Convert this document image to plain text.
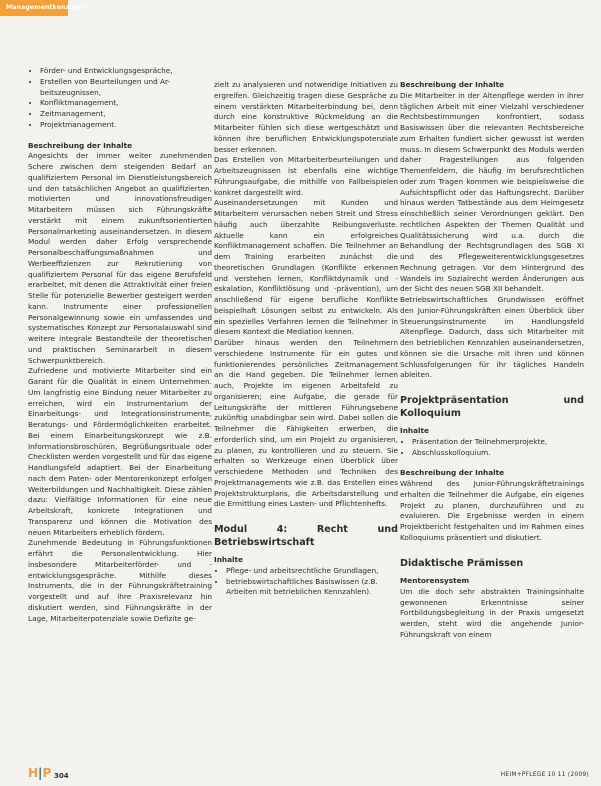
Managementkonzepte
• Förder- und Entwicklungsgespräche,
• Erstellen von Beurteilungen und Ar- beitszeugnissen,
• Konfliktmanagement,
• Zeitmanagement,
• Projektmanagement.
Beschreibung der Inhalte

Angesichts der immer weiter zunehmenden Schere zwischen dem steigenden Bedarf an qualifiziertem Personal im Dienstleistungsbereich und den tatsächlichen Angebot an qualifizierten, motivierten und innovationsfreudigen Mitarbeitern müssen sich Führungskräfte verstärkt mit einem zukunftsorientierten Personalmarketing auseinandersetzen. In diesem Modul werden daher Erfolg versprechende Personalbeschaffungsmaßnahmen und Werbeeffizienzen zur Rekrutierung von qualifiziertem Personal für das eigene Berufsfeld erarbeitet, mit denen die Attraktivität einer freien Stelle für potenzielle Bewerber gesteigert werden kann. Instrumente einer professionellen Personalgewinnung sowie ein umfassendes und systematisches Konzept zur Personalauswahl sind weitere integrale Bestandteile der theoretischen und praktischen Seminararbeit in diesem Schwerpunktbereich.

Zufriedene und motivierte Mitarbeiter sind ein Garant für die Qualität in einem Unternehmen. Um langfristig eine Bindung neuer Mitarbeiter zu erreichen, wird ein Instrumentarium der Einarbeitungs- und Integrationsinstrumente, Beratungs- und Fördermöglichkeiten erarbeitet. Bei einem Einarbeitungskonzept wie z.B. Informationsbroschüren, Begrüßungsrituale oder Checklisten werden vorgestellt und für das eigene Handlungsfeld adaptiert. Bei der Einarbeitung nach dem Paten- oder Mentorenkonzept erfolgen Weiterbildungen und Nachhaltigkeit. Diese zählen dazu: Vielfältige Informationen für eine neue Arbeitskraft, konkrete Integrationen und Transparenz und können die Motivation des neuen Mitarbeiters erheblich fördern.

Zunehmende Bedeutung in Führungsfunktionen erfährt die Personalentwicklung. Hier insbesondere Mitarbeiterförder- und -entwicklungsgespräche. Mithilfe dieses Instruments, die in der Führungskräftetraining vorgestellt und auf ihre Praxisrelevanz hin diskutiert werden, sind Führungskräfte in der Lage, Mitarbeiterpotenziale sowie Defizite ge-

zielt zu analysieren und notwendige Initiativen zu ergreifen. Gleichzeitig tragen diese Gespräche zu einem verstärkten Mitarbeiterbindung bei, denn durch eine konstruktive Rückmeldung an die Mitarbeiter fühlen sich diese wertgeschätzt und können ihre beruflichen Entwicklungspotenziale besser erkennen.

Das Erstellen von Mitarbeiterbeurteilungen und Arbeitszeugnissen ist ebenfalls eine wichtige Führungsaufgabe, die mithilfe von Fallbeispielen konkret dargestellt wird.

Auseinandersetzungen mit Kunden und Mitarbeitern verursachen neben Streit und Stress häufig auch überzahlte Reibungsverluste. Aktuelle kann ein erfolgreiches Konfliktmanagement schaffen. Die Teilnehmer an dem Training erarbeiten zunächst die theoretischen Grundlagen (Konflikte erkennen und verstehen lernen, Konfliktdynamik und -eskalation, Konfliktlösung und -prävention), um anschließend für eigene berufliche Konflikte beispielhaft Lösungen selbst zu entwickeln. Als ein spezielles Verfahren lernen die Teilnehmer in diesem Kontext die Mediation kennen.

Darüber hinaus werden den Teilnehmern verschiedene Instrumente für ein gutes und funktionierendes persönliches Zeitmanagement an die Hand gegeben. Die Teilnehmer lernen auch, Projekte im eigenen Arbeitsfeld zu organisieren; eine Aufgabe, die gerade für Leitungskräfte der mittleren Führungsebene zukünftig unabdingbar sein wird. Dabei sollen die Teilnehmer die Fähigkeiten erwerben, die erforderlich sind, um ein Projekt zu organisieren, zu planen, zu kontrollieren und zu steuern. Sie erhalten so Werkzeuge einen Überblick über verschiedene Methoden und Techniken des Projektmanagements wie z.B. das Erstellen eines Projektstrukturplans, die Arbeitsdarstellung und die Ermittlung eines Lasten- und Pflichtenhefts.

Modul 4: Recht und Betriebswirtschaft
Inhalte
• Pflege- und arbeitsrechtliche Grundlagen,
• betriebswirtschaftliches Basiswissen (z.B. Arbeiten mit betrieblichen Kennzahlen).
Beschreibung der Inhalte

Die Mitarbeiter in der Altenpflege werden in ihrer täglichen Arbeit mit einer Vielzahl verschiedener Rechtsbestimmungen konfrontiert, sodass Basiswissen über die relevanten Rechtsbereiche zum Erhalten fundiert sicher gewusst ist werden muss. In diesem Schwerpunkt des Moduls werden daher Fragestellungen aus folgenden Themenfeldern, die häufig im berufsrechtlichen oder zum Tragen kommen wie beispielsweise die Aufsichtspflicht oder das Haftungsrecht. Darüber hinaus werden Tatbestände aus dem Heimgesetz einschließlich seiner Verordnungen geklärt. Den rechtlichen Aspekten der Themen Qualität und Qualitätssicherung wird u.a. durch die Behandlung der Rechtsgrundlagen des SGB XI und des Pflegeweiterentwicklungsgesetzes Rechnung getragen. Vor dem Hintergrund des Wandels im Sozialrecht werden Änderungen aus der Sicht des neuen SGB XII behandelt.

Betriebswirtschaftliches Grundwissen eröffnet den Junior-Führungskräften einen Überblick über Steuerungsinstrumente im Handlungsfeld Altenpflege. Dadurch, dass sich Mitarbeiter mit den betrieblichen Kennzahlen auseinandersetzen, können sie die Ursache mit ihren und können Schlussfolgerungen für ihr tägliches Handeln ableiten.

Projektpräsentation und Kolloquium
Inhalte
• Präsentation der Teilnehmerprojekte,
• Abschlusskolloquium.
Beschreibung der Inhalte

Während des Junior-Führungskräftetrainings erhalten die Teilnehmer die Aufgabe, ein eigenes Projekt zu planen, durchzuführen und zu evaluieren. Die Ergebnisse werden in einem Projektbericht festgehalten und im Rahmen eines Kolloquiums präsentiert und diskutiert.

Didaktische Prämissen
Mentorensystem

Um die doch sehr abstrakten Trainingsinhalte gewonnenen Erkenntnisse seiner Fortbildungsbegleitung in der Praxis umgesetzt werden, steht wird die angehende Junior-Führungskraft von einem

H|P 304	HEIM+PFLEGE 10 11 (2009)
